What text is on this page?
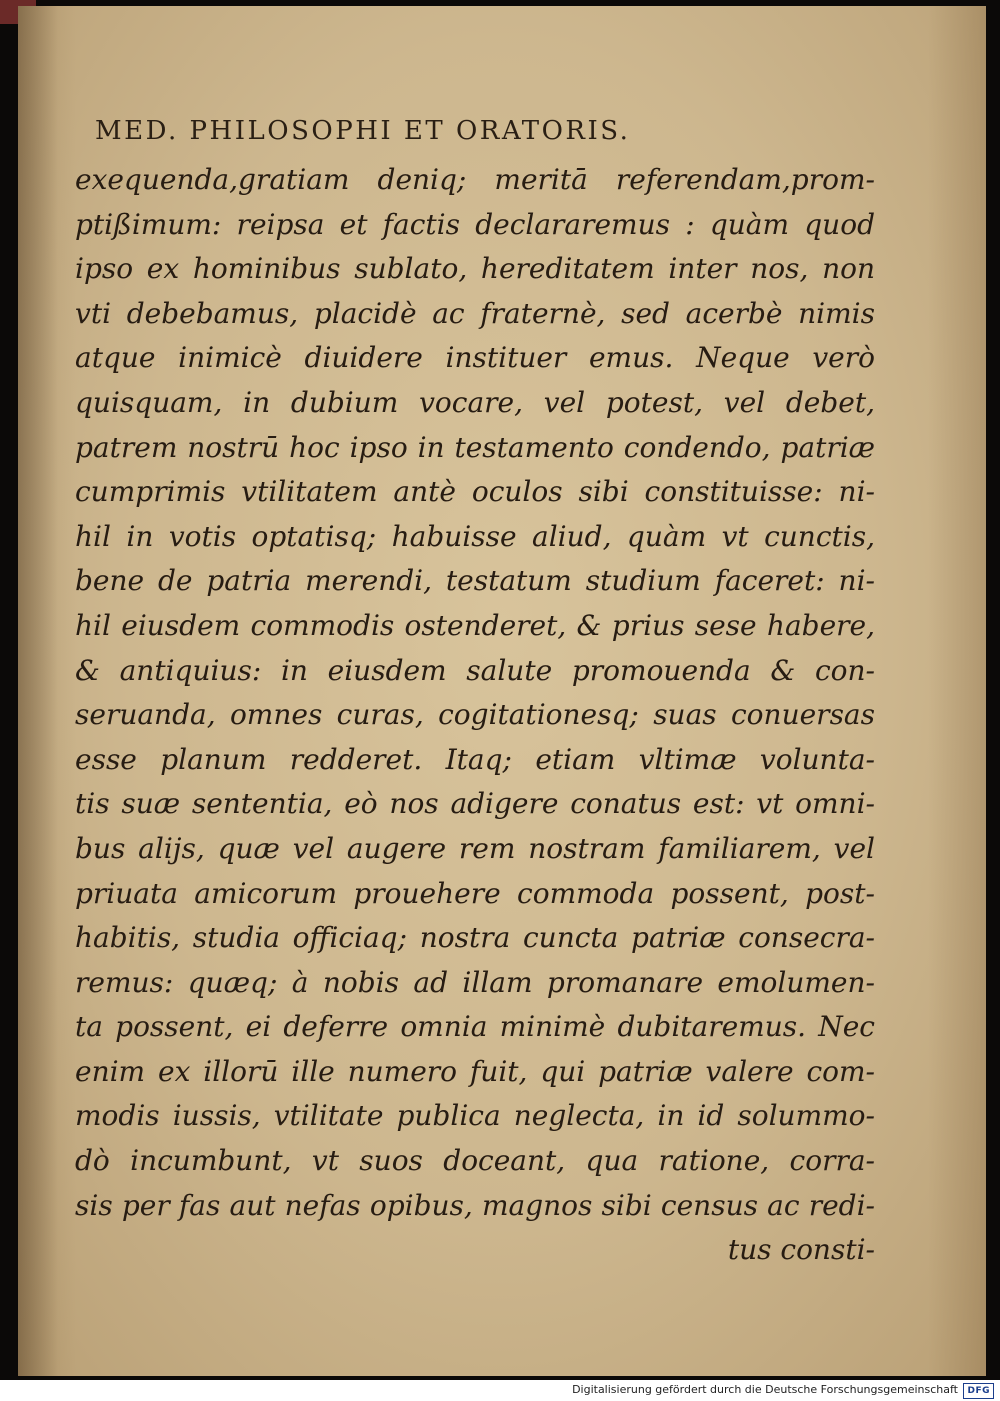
MED. PHILOSOPHI ET ORATORIS.
exequenda,gratiam deniq; meritā referendam,prom-
ptißimum: reipsa et factis declararemus : quàm quod
ipso ex hominibus sublato, hereditatem inter nos, non
vti debebamus, placidè ac fraternè, sed acerbè nimis
atque inimicè diuidere instituer emus. Neque verò
quisquam, in dubium vocare, vel potest, vel debet,
patrem nostrū hoc ipso in testamento condendo, patriæ
cumprimis vtilitatem antè oculos sibi constituisse: ni-
hil in votis optatisq; habuisse aliud, quàm vt cunctis,
bene de patria merendi, testatum studium faceret: ni-
hil eiusdem commodis ostenderet, & prius sese habere,
& antiquius: in eiusdem salute promouenda & con-
seruanda, omnes curas, cogitationesq; suas conuersas
esse planum redderet. Itaq; etiam vltimæ volunta-
tis suæ sententia, eò nos adigere conatus est: vt omni-
bus alijs, quæ vel augere rem nostram familiarem, vel
priuata amicorum prouehere commoda possent, post-
habitis, studia officiaq; nostra cuncta patriæ consecra-
remus: quæq; à nobis ad illam promanare emolumen-
ta possent, ei deferre omnia minimè dubitaremus. Nec
enim ex illorū ille numero fuit, qui patriæ valere com-
modis iussis, vtilitate publica neglecta, in id solummo-
dò incumbunt, vt suos doceant, qua ratione, corra-
sis per fas aut nefas opibus, magnos sibi census ac redi-
tus consti-
Digitalisierung gefördert durch die Deutsche Forschungsgemeinschaft	DFG
